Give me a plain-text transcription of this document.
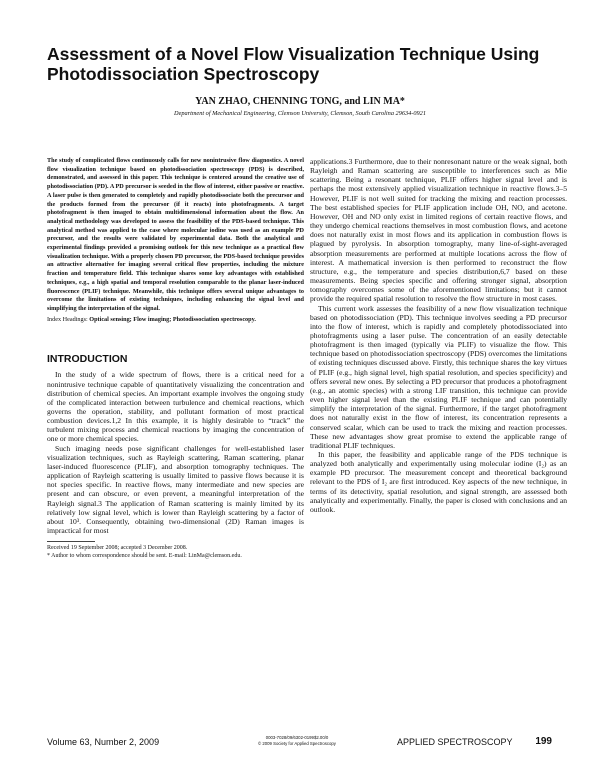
Assessment of a Novel Flow Visualization Technique Using Photodissociation Spectroscopy
YAN ZHAO, CHENNING TONG, and LIN MA*
Department of Mechanical Engineering, Clemson University, Clemson, South Carolina 29634-0921

The study of complicated flows continuously calls for new nonintrusive flow diagnostics. A novel flow visualization technique based on photodissociation spectroscopy (PDS) is described, demonstrated, and assessed in this paper. This technique is centered around the creative use of photodissociation (PD). A PD precursor is seeded in the flow of interest, either passive or reactive. A laser pulse is then generated to completely and rapidly photodissociate both the precursor and the products formed from the precursor (if it reacts) into photofragments. A target photofragment is then imaged to obtain multidimensional information about the flow. An analytical methodology was developed to assess the feasibility of the PDS-based technique. This analytical method was applied to the case where molecular iodine was used as an example PD precursor, and the results were validated by experimental data. Both the analytical and experimental findings provided a promising outlook for this new technique as a practical flow visualization technique. With a properly chosen PD precursor, the PDS-based technique provides an attractive alternative for imaging several critical flow properties, including the mixture fraction and temperature field. This technique shares some key advantages with established techniques, e.g., a high spatial and temporal resolution comparable to the planar laser-induced fluorescence (PLIF) technique. Meanwhile, this technique offers several unique advantages to overcome the limitations of existing techniques, including enhancing the signal level and simplifying the interpretation of the signal.

Index Headings: Optical sensing; Flow imaging; Photodissociation spectroscopy.

INTRODUCTION

In the study of a wide spectrum of flows, there is a critical need for a nonintrusive technique capable of quantitatively visualizing the concentration and distribution of chemical species. An important example involves the ongoing study of the complicated interaction between turbulence and chemical reactions, which governs the operation, stability, and pollutant formation of most practical combustion devices.1,2 In this example, it is highly desirable to “track” the turbulent mixing process and chemical reactions by imaging the concentration of one or more chemical species.

Such imaging needs pose significant challenges for well-established laser visualization techniques, such as Rayleigh scattering, Raman scattering, planar laser-induced fluorescence (PLIF), and absorption tomography techniques. The application of Rayleigh scattering is usually limited to passive flows because it is not species specific. In reactive flows, many intermediate and new species are present and can obscure, or even prevent, a meaningful interpretation of the Rayleigh signal.3 The application of Raman scattering is mainly limited by its relatively low signal level, which is lower than Rayleigh scattering by a factor of about 10³. Consequently, obtaining two-dimensional (2D) Raman images is impractical for most

Received 19 September 2008; accepted 3 December 2008.

* Author to whom correspondence should be sent. E-mail: LinMa@clemson.edu.

applications.3 Furthermore, due to their nonresonant nature or the weak signal, both Rayleigh and Raman scattering are susceptible to interferences such as Mie scattering. Being a resonant technique, PLIF offers higher signal level and is perhaps the most extensively applied visualization technique in reactive flows.3–5 However, PLIF is not well suited for tracking the mixing and reaction processes. The best established species for PLIF application include OH, NO, and acetone. However, OH and NO only exist in limited regions of certain reactive flows, and they undergo chemical reactions themselves in most combustion flows, and acetone does not naturally exist in most flows and its application in combustion flows is plagued by pyrolysis. In absorption tomography, many line-of-sight-averaged absorption measurements are performed at multiple locations across the flow of interest. A mathematical inversion is then performed to reconstruct the flow structure, e.g., the temperature and species distribution,6,7 based on these measurements. Being species specific and offering stronger signal, absorption tomography overcomes some of the aforementioned limitations; but it cannot provide the required spatial resolution to resolve the flow structure in most cases.

This current work assesses the feasibility of a new flow visualization technique based on photodissociation (PD). This technique involves seeding a PD precursor into the flow of interest, which is rapidly and completely photodissociated into photofragments using a laser pulse. The concentration of an easily detectable photofragment is then imaged (typically via PLIF) to visualize the flow. This technique based on photodissociation spectroscopy (PDS) overcomes the limitations of existing techniques discussed above. Firstly, this technique shares the key virtues of PLIF (e.g., high signal level, high spatial resolution, and species specificity) and offers several new ones. By selecting a PD precursor that produces a photofragment (e.g., an atomic species) with a strong LIF transition, this technique can provide even higher signal level than the existing PLIF technique and can potentially simplify the interpretation of the signal. Furthermore, if the target photofragment does not naturally exist in the flow of interest, its concentration represents a conserved scalar, which can be used to track the mixing and reaction processes. These new advantages show great promise to extend the applicable range of traditional PLIF techniques.

In this paper, the feasibility and applicable range of the PDS technique is analyzed both analytically and experimentally using molecular iodine (I₂) as an example PD precursor. The measurement concept and theoretical background relevant to the PDS of I₂ are first introduced. Key aspects of the new technique, in terms of its detectivity, spatial resolution, and signal strength, are assessed both analytically and experimentally. Finally, the paper is closed with conclusions and an outlook.

Volume 63, Number 2, 2009	0003-7028/09/6302-0199$2.00/0
© 2009 Society for Applied Spectroscopy	APPLIED SPECTROSCOPY 199
